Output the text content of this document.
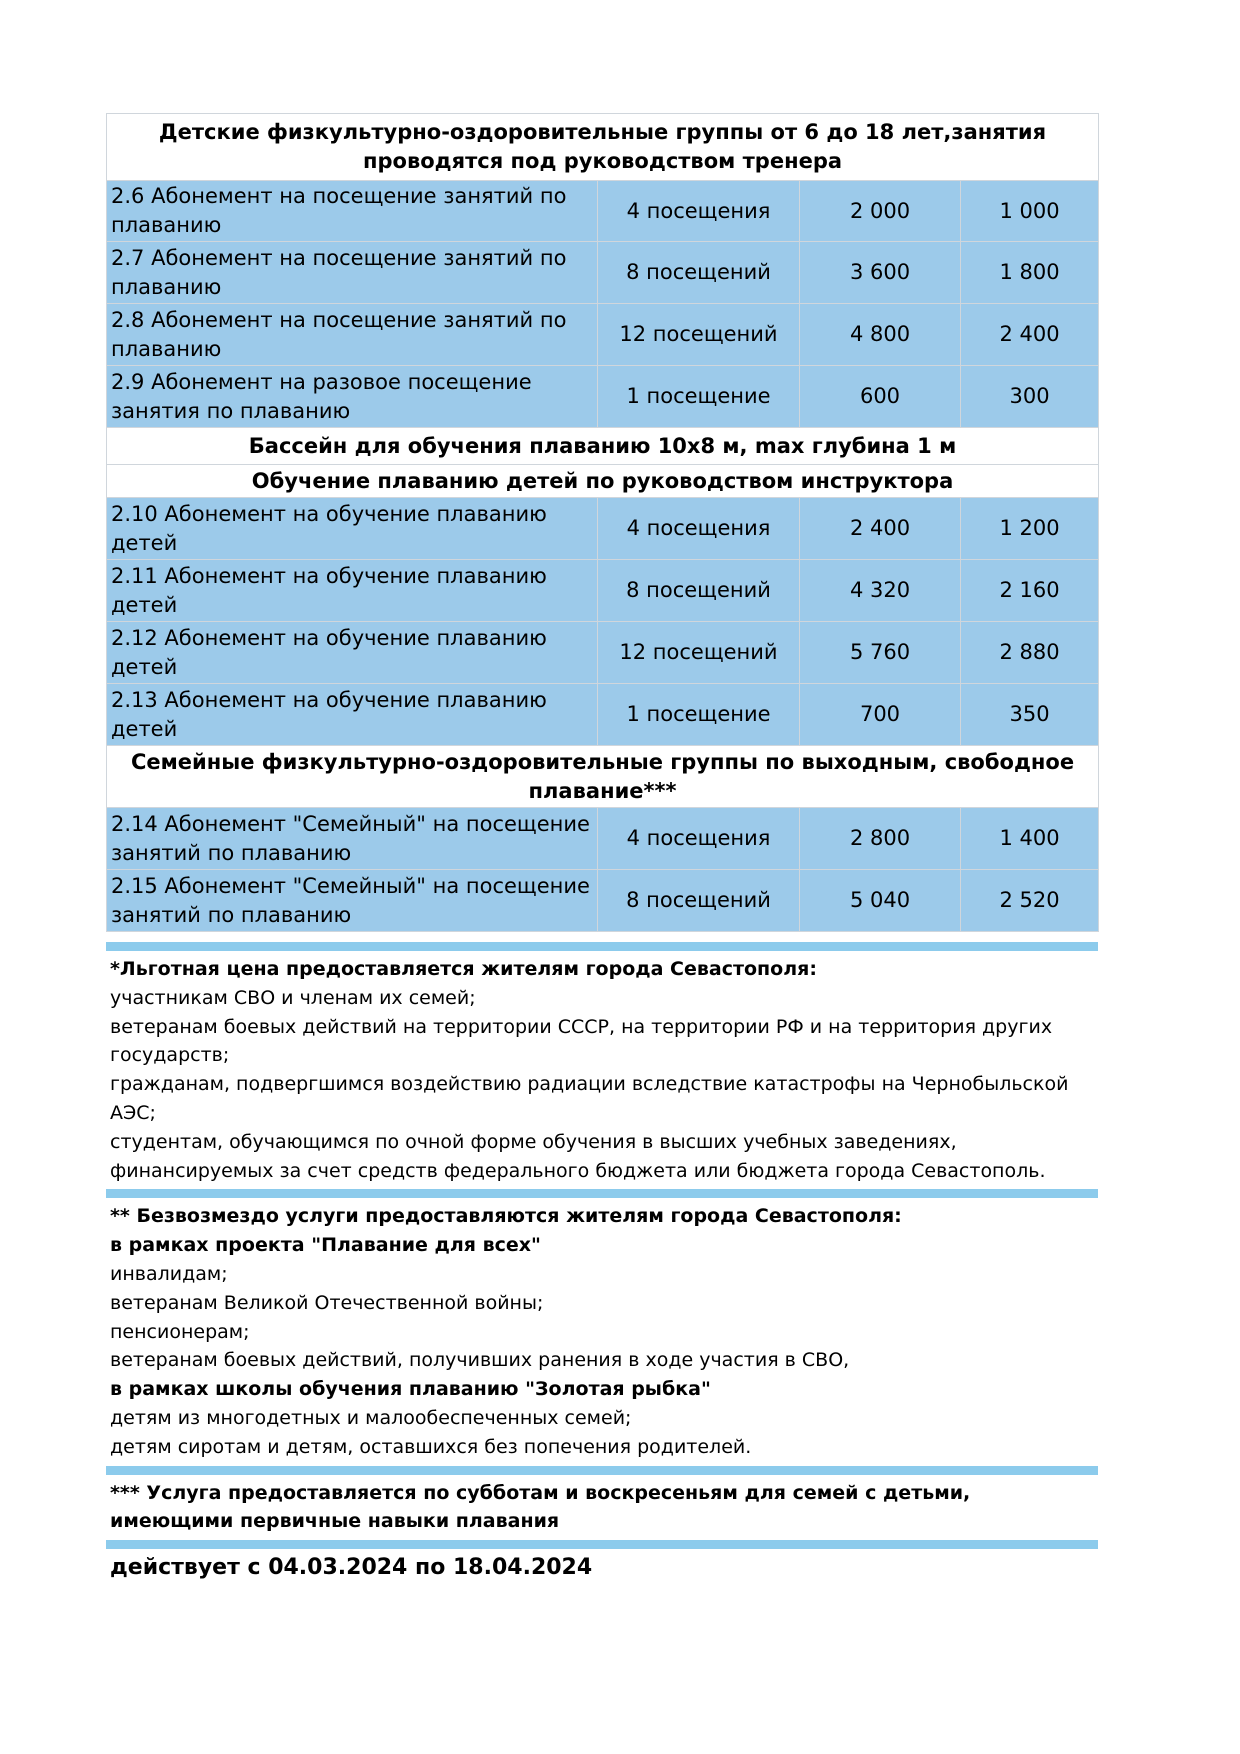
Детские физкультурно-оздоровительные группы от 6 до 18 лет,занятия проводятся под руководством тренера			
2.6 Абонемент на посещение занятий по плаванию	4 посещения	2 000	1 000
2.7 Абонемент на посещение занятий по плаванию	8 посещений	3 600	1 800
2.8 Абонемент на посещение занятий по плаванию	12 посещений	4 800	2 400
2.9 Абонемент на разовое посещение занятия по плаванию	1 посещение	600	300
Бассейн для обучения плаванию 10х8 м, max глубина 1 м			
Обучение плаванию детей по руководством инструктора			
2.10 Абонемент на обучение плаванию детей	4 посещения	2 400	1 200
2.11 Абонемент на обучение плаванию детей	8 посещений	4 320	2 160
2.12 Абонемент на обучение плаванию детей	12 посещений	5 760	2 880
2.13 Абонемент на обучение плаванию детей	1 посещение	700	350
Семейные физкультурно-оздоровительные группы по выходным, свободное плавание***			
2.14 Абонемент "Семейный" на посещение занятий по плаванию	4 посещения	2 800	1 400
2.15 Абонемент "Семейный" на посещение занятий по плаванию	8 посещений	5 040	2 520
*Льготная цена предоставляется жителям города Севастополя:
участникам СВО и членам их семей;
ветеранам боевых действий на территории СССР, на территории РФ и на территория других государств;
гражданам, подвергшимся воздействию радиации вследствие катастрофы на Чернобыльской АЭС;
студентам, обучающимся по очной форме обучения в высших учебных заведениях, финансируемых за счет средств федерального бюджета или бюджета города Севастополь.
** Безвозмездо услуги предоставляются жителям города Севастополя:
в рамках проекта "Плавание для всех"
инвалидам;
ветеранам Великой Отечественной войны;
пенсионерам;
ветеранам боевых действий, получивших ранения в ходе участия в СВО,
в рамках школы обучения плаванию "Золотая рыбка"
детям из многодетных и малообеспеченных семей;
детям сиротам и детям, оставшихся без попечения родителей.
*** Услуга предоставляется по субботам и воскресеньям для семей с детьми, имеющими первичные навыки плавания
действует с 04.03.2024 по 18.04.2024
